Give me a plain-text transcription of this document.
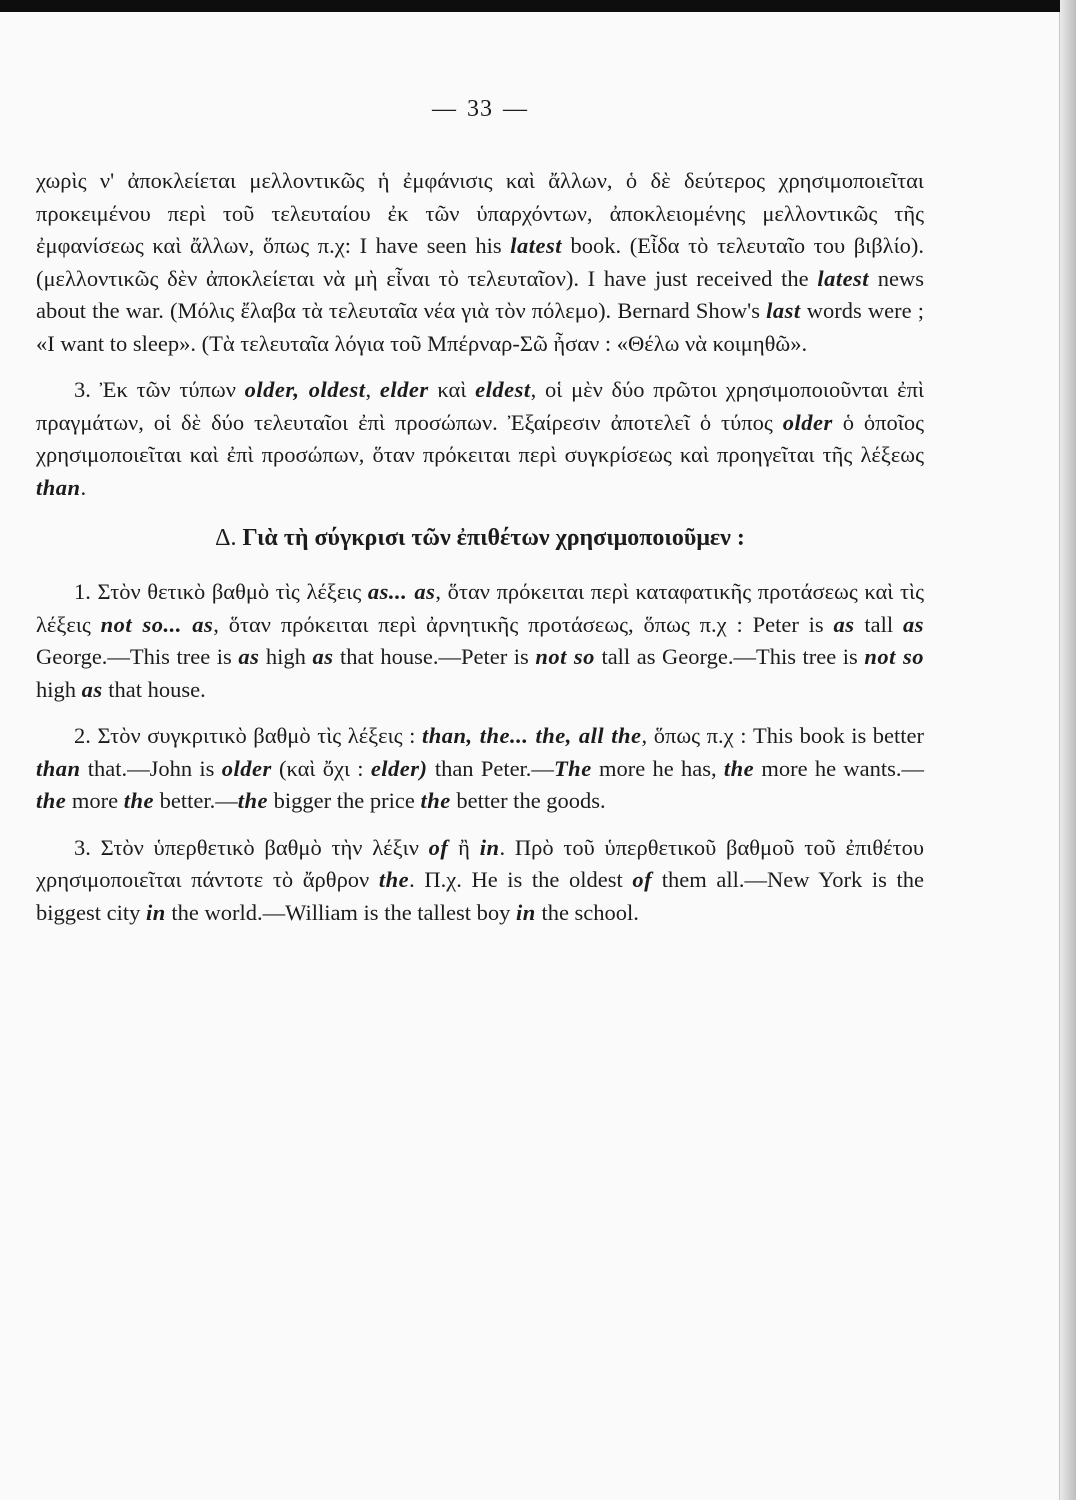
— 33 —

χωρὶς ν' ἀποκλείεται μελλοντικῶς ἡ ἐμφάνισις καὶ ἄλλων, ὁ δὲ δεύτερος χρησιμοποιεῖται προκειμένου περὶ τοῦ τελευταίου ἐκ τῶν ὑπαρχόντων, ἀποκλειομένης μελλοντικῶς τῆς ἐμφανίσεως καὶ ἄλλων, ὅπως π.χ: I have seen his latest book. (Εἶδα τὸ τελευταῖο του βιβλίο). (μελλοντικῶς δὲν ἀποκλείεται νὰ μὴ εἶναι τὸ τελευταῖον). I have just received the latest news about the war. (Μόλις ἔλαβα τὰ τελευταῖα νέα γιὰ τὸν πόλεμο). Bernard Show's last words were ; «I want to sleep». (Τὰ τελευταῖα λόγια τοῦ Μπέρναρ-Σῶ ἦσαν : «Θέλω νὰ κοιμηθῶ».

3. Ἐκ τῶν τύπων older, oldest, elder καὶ eldest, οἱ μὲν δύο πρῶτοι χρησιμοποιοῦνται ἐπὶ πραγμάτων, οἱ δὲ δύο τελευταῖοι ἐπὶ προσώπων. Ἐξαίρεσιν ἀποτελεῖ ὁ τύπος older ὁ ὁποῖος χρησιμοποιεῖται καὶ ἐπὶ προσώπων, ὅταν πρόκειται περὶ συγκρίσεως καὶ προηγεῖται τῆς λέξεως than.

Δ. Γιὰ τὴ σύγκρισι τῶν ἐπιθέτων χρησιμοποιοῦμεν :

1. Στὸν θετικὸ βαθμὸ τὶς λέξεις as... as, ὅταν πρόκειται περὶ καταφατικῆς προτάσεως καὶ τὶς λέξεις not so... as, ὅταν πρόκειται περὶ ἀρνητικῆς προτάσεως, ὅπως π.χ : Peter is as tall as George.—This tree is as high as that house.—Peter is not so tall as George.—This tree is not so high as that house.

2. Στὸν συγκριτικὸ βαθμὸ τὶς λέξεις : than, the... the, all the, ὅπως π.χ : This book is better than that.—John is older (καὶ ὄχι : elder) than Peter.—The more he has, the more he wants.—the more the better.—the bigger the price the better the goods.

3. Στὸν ὑπερθετικὸ βαθμὸ τὴν λέξιν of ἢ in. Πρὸ τοῦ ὑπερθετικοῦ βαθμοῦ τοῦ ἐπιθέτου χρησιμοποιεῖται πάντοτε τὸ ἄρθρον the. Π.χ. He is the oldest of them all.—New York is the biggest city in the world.—William is the tallest boy in the school.
